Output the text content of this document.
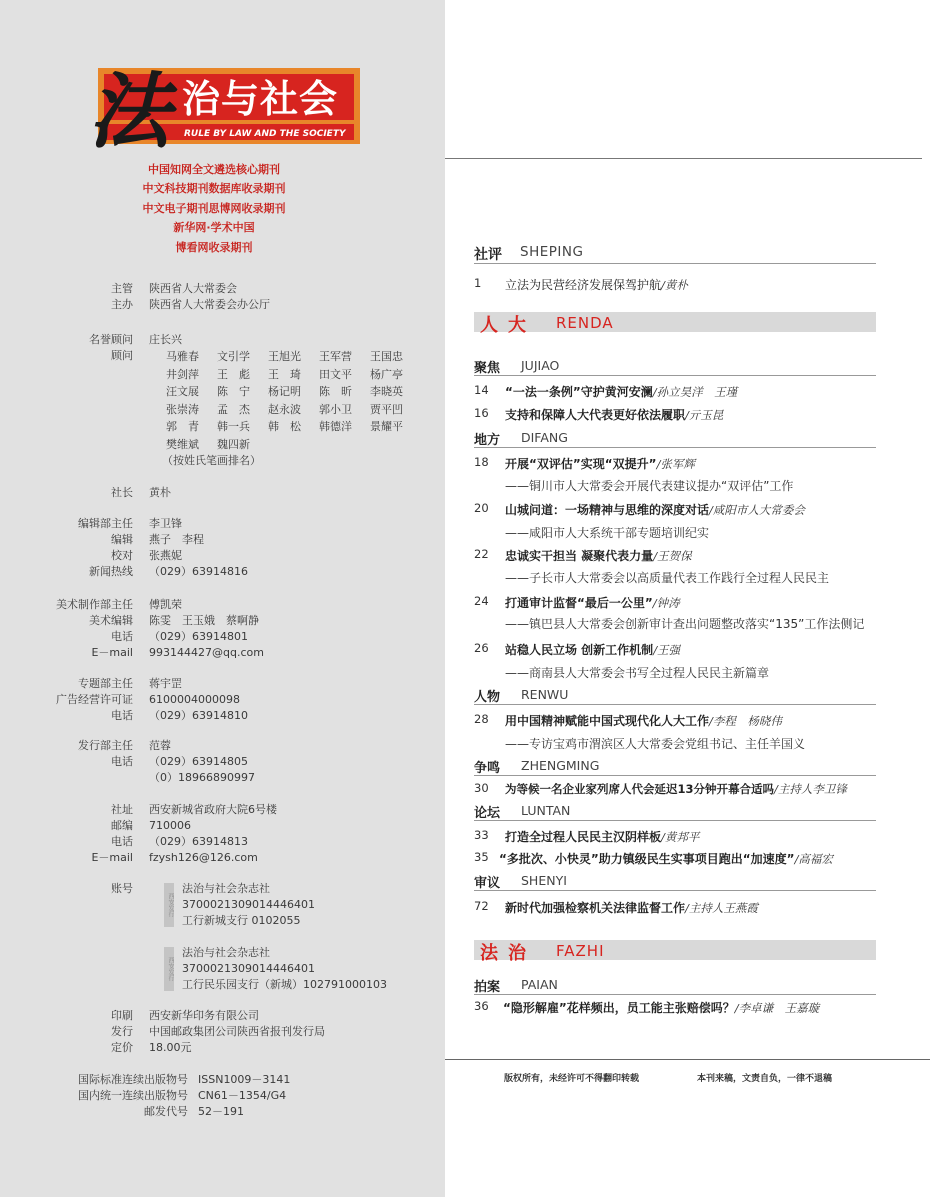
法 治与社会
RULE BY LAW AND THE SOCIETY
中国知网全文遴选核心期刊
中文科技期刊数据库收录期刊
中文电子期刊思博网收录期刊
新华网·学术中国
博看网收录期刊
主管	陕西省人大常委会
主办	陕西省人大常委会办公厅
名誉顾问	庄长兴
顾问	马雅春	文引学	王旭光	王军营	王国忠
井剑萍	王　彪	王　琦	田文平	杨广亭
汪文展	陈　宁	杨记明	陈　昕	李晓英
张崇涛	孟　杰	赵永波	郭小卫	贾平凹
郭　青	韩一兵	韩　松	韩德洋	景耀平
樊维斌	魏四新
（按姓氏笔画排名）
社长	黄朴
编辑部主任	李卫锋
编辑	燕子　李程
校对	张燕妮
新闻热线	（029）63914816
美术制作部主任	傅凯荣
美术编辑	陈雯　王玉娥　蔡啊静
电话	（029）63914801
E－mail	993144427@qq.com
专题部主任	蒋宇罡
广告经营许可证	6100004000098
电话	（029）63914810
发行部主任	范蓉
电话	（029）63914805
（0）18966890997
社址	西安新城省政府大院6号楼
邮编	710006
电话	（029）63914813
E－mail	fzysh126@126.com
账号
西安发行
法治与社会杂志社
3700021309014446401
工行新城支行 0102055
西安发行
法治与社会杂志社
3700021309014446401
工行民乐园支行（新城）102791000103
印刷	西安新华印务有限公司
发行	中国邮政集团公司陕西省报刊发行局
定价	18.00元
国际标准连续出版物号 ISSN1009－3141
国内统一连续出版物号 CN61－1354/G4
邮发代号 52－191
社评 SHEPING
1 立法为民营经济发展保驾护航/黄朴
人大 RENDA
聚焦 JUJIAO
14 “一法一条例”守护黄河安澜/孙立昊洋　王瑾
16 支持和保障人大代表更好依法履职/亓玉昆
地方 DIFANG
18 开展“双评估”实现“双提升”/张军辉
——铜川市人大常委会开展代表建议提办“双评估”工作
20 山城问道：一场精神与思维的深度对话/咸阳市人大常委会
——咸阳市人大系统干部专题培训纪实
22 忠诚实干担当 凝聚代表力量/王贺保
——子长市人大常委会以高质量代表工作践行全过程人民民主
24 打通审计监督“最后一公里”/钟涛
——镇巴县人大常委会创新审计查出问题整改落实“135”工作法侧记
26 站稳人民立场 创新工作机制/王强
——商南县人大常委会书写全过程人民民主新篇章
人物 RENWU
28 用中国精神赋能中国式现代化人大工作/李程　杨晓伟
——专访宝鸡市渭滨区人大常委会党组书记、主任羊国义
争鸣 ZHENGMING
30 为等候一名企业家列席人代会延迟13分钟开幕合适吗/主持人李卫锋
论坛 LUNTAN
33 打造全过程人民民主汉阴样板/黄邦平
35 “多批次、小快灵”助力镇级民生实事项目跑出“加速度”/高福宏
审议 SHENYI
72 新时代加强检察机关法律监督工作/主持人王燕霞
法治 FAZHI
拍案 PAIAN
36 “隐形解雇”花样频出，员工能主张赔偿吗？/李卓谦　王嘉璇
版权所有，未经许可不得翻印转载	本刊来稿，文责自负，一律不退稿
